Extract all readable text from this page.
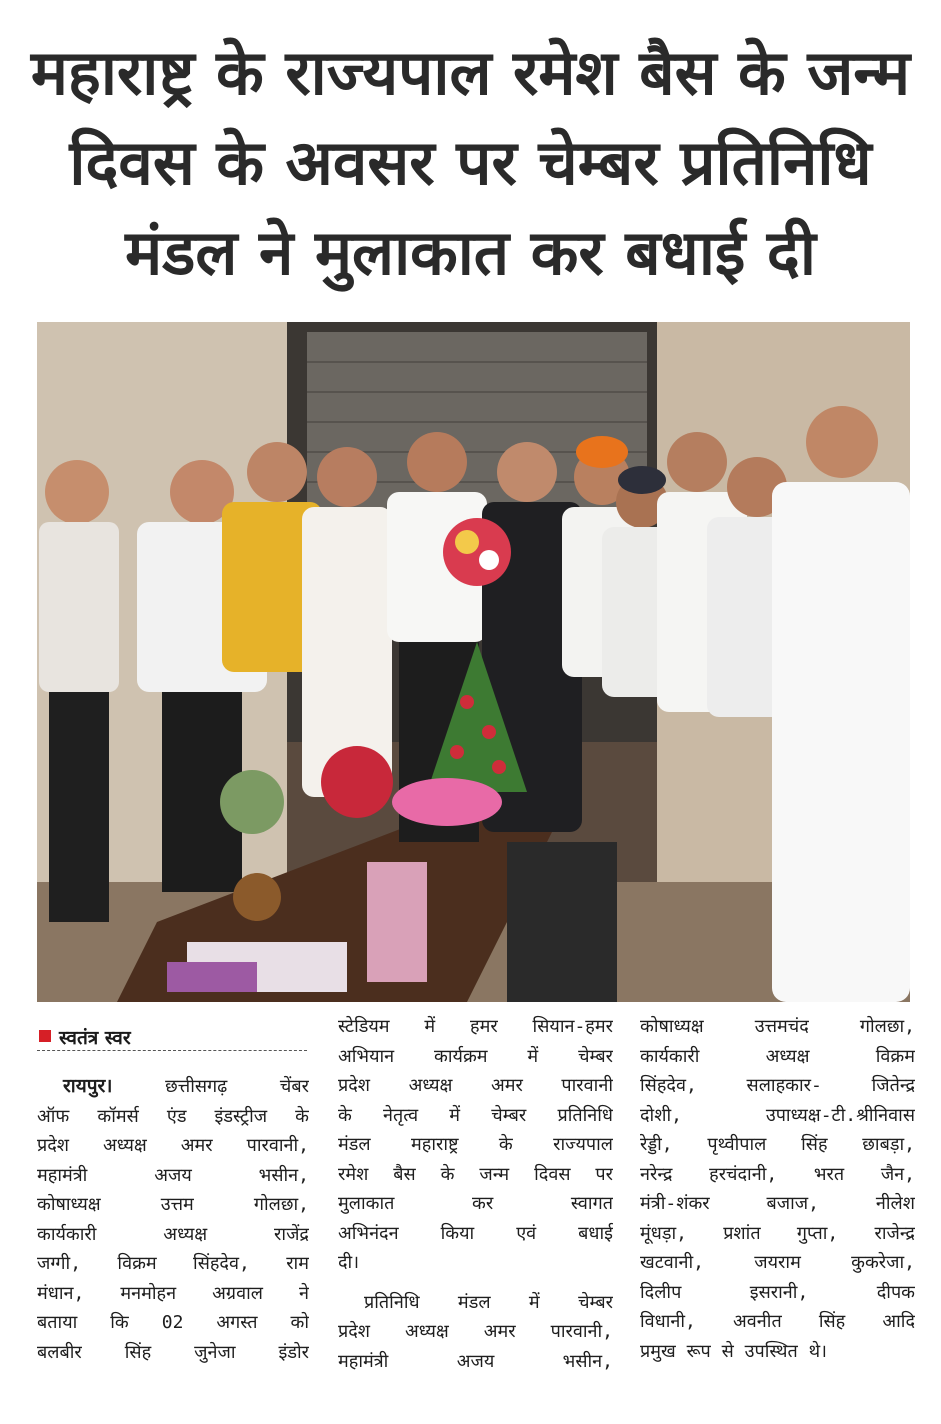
महाराष्ट्र के राज्यपाल रमेश बैस के जन्म
दिवस के अवसर पर चेम्बर प्रतिनिधि
मंडल ने मुलाकात कर बधाई दी
स्वतंत्र स्वर
रायपुर।	छत्तीसगढ़ चेंबर
ऑफ कॉमर्स एंड इंडस्ट्रीज के
प्रदेश अध्यक्ष अमर पारवानी,
महामंत्री अजय भसीन,
कोषाध्यक्ष उत्तम गोलछा,
कार्यकारी अध्यक्ष राजेंद्र
जग्गी, विक्रम सिंहदेव, राम
मंधान, मनमोहन अग्रवाल ने
बताया कि 02 अगस्त को
बलबीर सिंह जुनेजा इंडोर
स्टेडियम में हमर सियान-हमर
अभियान कार्यक्रम में चेम्बर
प्रदेश अध्यक्ष अमर पारवानी
के नेतृत्व में चेम्बर प्रतिनिधि
मंडल महाराष्ट्र के राज्यपाल
रमेश बैस के जन्म दिवस पर
मुलाकात कर स्वागत
अभिनंदन किया एवं बधाई
दी।
प्रतिनिधि मंडल में चेम्बर
प्रदेश अध्यक्ष अमर पारवानी,
महामंत्री अजय भसीन,
कोषाध्यक्ष उत्तमचंद गोलछा,
कार्यकारी अध्यक्ष विक्रम
सिंहदेव, सलाहकार- जितेन्द्र
दोशी, उपाध्यक्ष-टी.श्रीनिवास
रेड्डी, पृथ्वीपाल सिंह छाबड़ा,
नरेन्द्र हरचंदानी, भरत जैन,
मंत्री-शंकर बजाज, नीलेश
मूंधड़ा, प्रशांत गुप्ता, राजेन्द्र
खटवानी, जयराम कुकरेजा,
दिलीप इसरानी, दीपक
विधानी, अवनीत सिंह आदि
प्रमुख रूप से उपस्थित थे।
